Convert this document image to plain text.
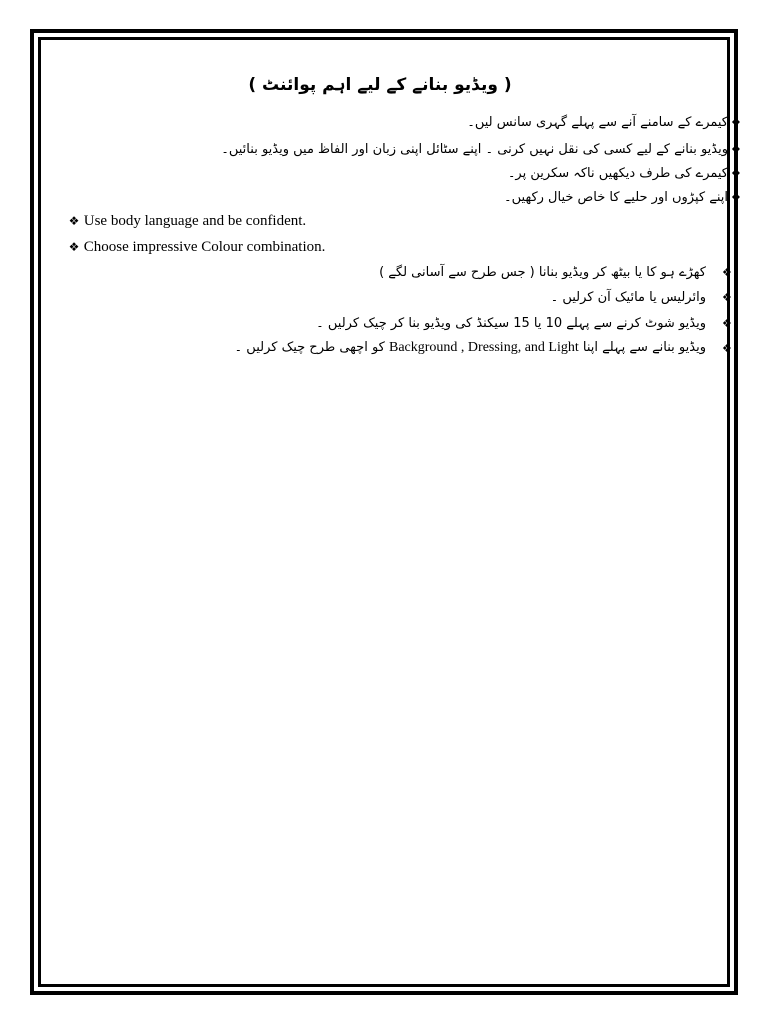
( ویڈیو بنانے کے لیے اہم پوائنٹ )
❖
کیمرے کے سامنے آنے سے پہلے گہری سانس لیں۔
❖
ویڈیو بنانے کے لیے کسی کی نقل نہیں کرنی ۔ اپنے سٹائل اپنی زبان اور الفاظ میں ویڈیو بنائیں۔
❖
کیمرے کی طرف دیکھیں ناکہ سکرین پر۔
❖
اپنے کپڑوں اور حلیے کا خاص خیال رکھیں۔
❖ Use body language and be confident.
❖ Choose impressive Colour combination.
❖
کھڑے ہو کا یا بیٹھ کر ویڈیو بنانا ( جس طرح سے آسانی لگے )
❖
وائرلیس یا مائیک آن کرلیں ۔
❖
ویڈیو شوٹ کرنے سے پہلے 10 یا 15 سیکنڈ کی ویڈیو بنا کر چیک کرلیں ۔
❖
ویڈیو بنانے سے پہلے اپنا Background , Dressing, and Light کو اچھی طرح چیک کرلیں ۔
